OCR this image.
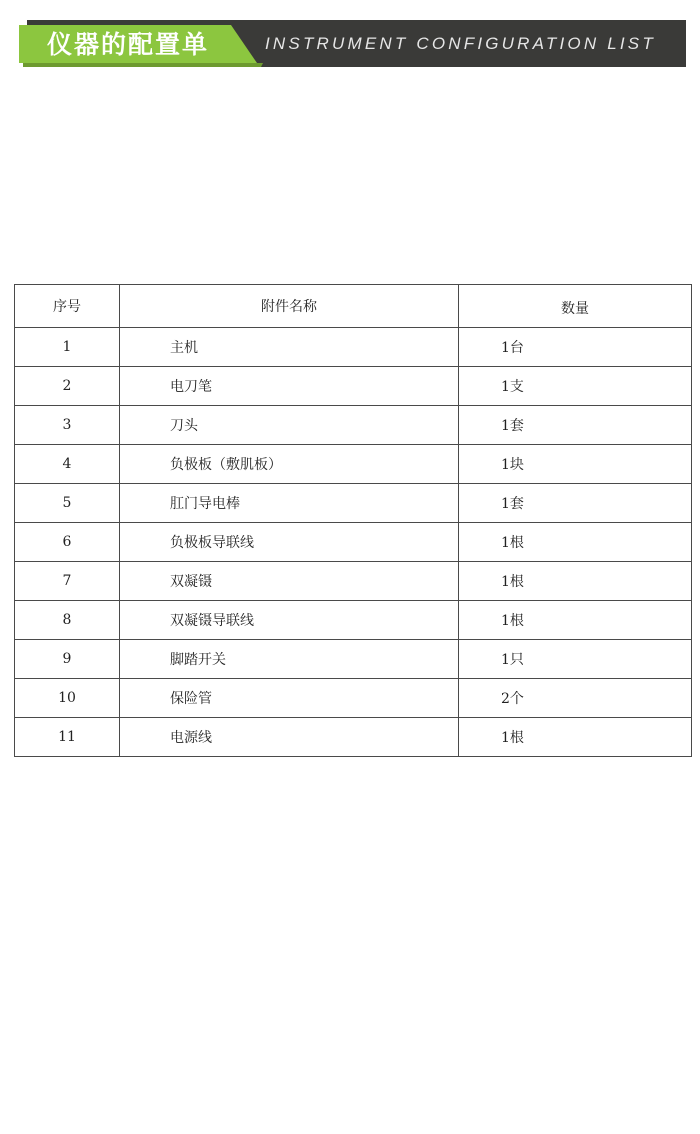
仪器的配置单	INSTRUMENT CONFIGURATION LIST
序号	附件名称	数量
1	主机	1台
2	电刀笔	1支
3	刀头	1套
4	负极板（敷肌板）	1块
5	肛门导电棒	1套
6	负极板导联线	1根
7	双凝镊	1根
8	双凝镊导联线	1根
9	脚踏开关	1只
10	保险管	2个
11	电源线	1根
